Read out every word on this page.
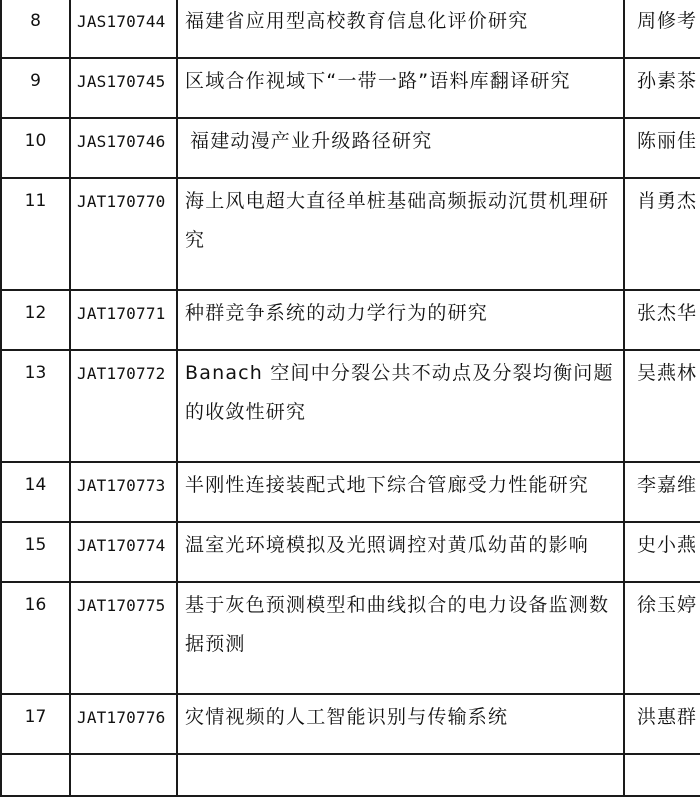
8	JAS170744	福建省应用型高校教育信息化评价研究	周修考
9	JAS170745	区域合作视域下“一带一路”语料库翻译研究	孙素茶
10	JAS170746	福建动漫产业升级路径研究	陈丽佳
11	JAT170770	海上风电超大直径单桩基础高频振动沉贯机理研究	肖勇杰
12	JAT170771	种群竞争系统的动力学行为的研究	张杰华
13	JAT170772	Banach 空间中分裂公共不动点及分裂均衡问题的收敛性研究	吴燕林
14	JAT170773	半刚性连接装配式地下综合管廊受力性能研究	李嘉维
15	JAT170774	温室光环境模拟及光照调控对黄瓜幼苗的影响	史小燕
16	JAT170775	基于灰色预测模型和曲线拟合的电力设备监测数据预测	徐玉婷
17	JAT170776	灾情视频的人工智能识别与传输系统	洪惠群
